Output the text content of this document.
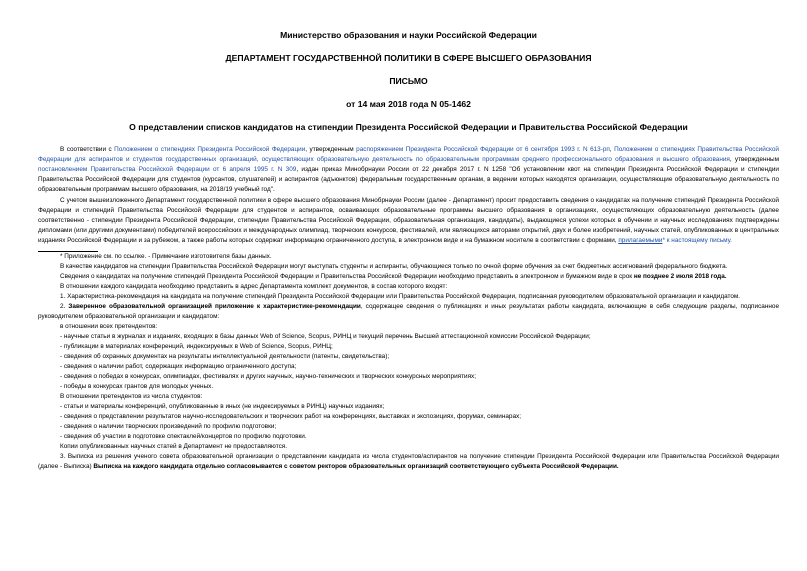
Министерство образования и науки Российской Федерации
ДЕПАРТАМЕНТ ГОСУДАРСТВЕННОЙ ПОЛИТИКИ В СФЕРЕ ВЫСШЕГО ОБРАЗОВАНИЯ
ПИСЬМО
от 14 мая 2018 года N 05-1462
О представлении списков кандидатов на стипендии Президента Российской Федерации и Правительства Российской Федерации

В соответствии с Положением о стипендиях Президента Российской Федерации, утвержденным распоряжением Президента Российской Федерации от 6 сентября 1993 г. N 613-рп, Положением о стипендиях Правительства Российской Федерации для аспирантов и студентов государственных организаций, осуществляющих образовательную деятельность по образовательным программам среднего профессионального образования и высшего образования, утвержденным постановлением Правительства Российской Федерации от 6 апреля 1995 г. N 309, издан приказ Минобрнауки России от 22 декабря 2017 г. N 1258 "Об установлении квот на стипендии Президента Российской Федерации и стипендии Правительства Российской Федерации для студентов (курсантов, слушателей) и аспирантов (адъюнктов) федеральным государственным органам, в ведении которых находятся организации, осуществляющие образовательную деятельность по образовательным программам высшего образования, на 2018/19 учебный год".

С учетом вышеизложенного Департамент государственной политики в сфере высшего образования Минобрнауки России (далее - Департамент) просит предоставить сведения о кандидатах на получение стипендий Президента Российской Федерации и стипендий Правительства Российской Федерации для студентов и аспирантов, осваивающих образовательные программы высшего образования в организациях, осуществляющих образовательную деятельность (далее соответственно - стипендии Президента Российской Федерации, стипендии Правительства Российской Федерации, образовательная организация, кандидаты), выдающиеся успехи которых в обучении и научных исследованиях подтверждены дипломами (или другими документами) победителей всероссийских и международных олимпиад, творческих конкурсов, фестивалей, или являющихся авторами открытий, двух и более изобретений, научных статей, опубликованных в центральных изданиях Российской Федерации и за рубежом, а также работы которых содержат информацию ограниченного доступа, в электронном виде и на бумажном носителе в соответствии с формами, прилагаемыми* к настоящему письму.

* Приложение см. по ссылке. - Примечание изготовителя базы данных.

В качестве кандидатов на стипендии Правительства Российской Федерации могут выступать студенты и аспиранты, обучающиеся только по очной форме обучения за счет бюджетных ассигнований федерального бюджета.

Сведения о кандидатах на получение стипендий Президента Российской Федерации и Правительства Российской Федерации необходимо представить в электронном и бумажном виде в срок не позднее 2 июля 2018 года.

В отношении каждого кандидата необходимо представить в адрес Департамента комплект документов, в состав которого входят:

1. Характеристика-рекомендация на кандидата на получение стипендий Президента Российской Федерации или Правительства Российской Федерации, подписанная руководителем образовательной организации и кандидатом.

2. Заверенное образовательной организацией приложение к характеристике-рекомендации, содержащее сведения о публикациях и иных результатах работы кандидата, включающие в себя следующие разделы, подписанное руководителем образовательной организации и кандидатом:

в отношении всех претендентов:

- научные статьи в журналах и изданиях, входящих в базы данных Web of Science, Scopus, РИНЦ и текущий перечень Высшей аттестационной комиссии Российской Федерации;

- публикации в материалах конференций, индексируемых в Web of Science, Scopus, РИНЦ;

- сведения об охранных документах на результаты интеллектуальной деятельности (патенты, свидетельства);

- сведения о наличии работ, содержащих информацию ограниченного доступа;

- сведения о победах в конкурсах, олимпиадах, фестивалях и других научных, научно-технических и творческих конкурсных мероприятиях;

- победы в конкурсах грантов для молодых ученых.

В отношении претендентов из числа студентов:

- статьи и материалы конференций, опубликованные в иных (не индексируемых в РИНЦ) научных изданиях;

- сведения о представлении результатов научно-исследовательских и творческих работ на конференциях, выставках и экспозициях, форумах, семинарах;

- сведения о наличии творческих произведений по профилю подготовки;

- сведения об участии в подготовке спектаклей/концертов по профилю подготовки.

Копии опубликованных научных статей в Департамент не предоставляются.

3. Выписка из решения ученого совета образовательной организации о представлении кандидата из числа студентов/аспирантов на получение стипендии Президента Российской Федерации или Правительства Российской Федерации (далее - Выписка) Выписка на каждого кандидата отдельно согласовывается с советом ректоров образовательных организаций соответствующего субъекта Российской Федерации.
